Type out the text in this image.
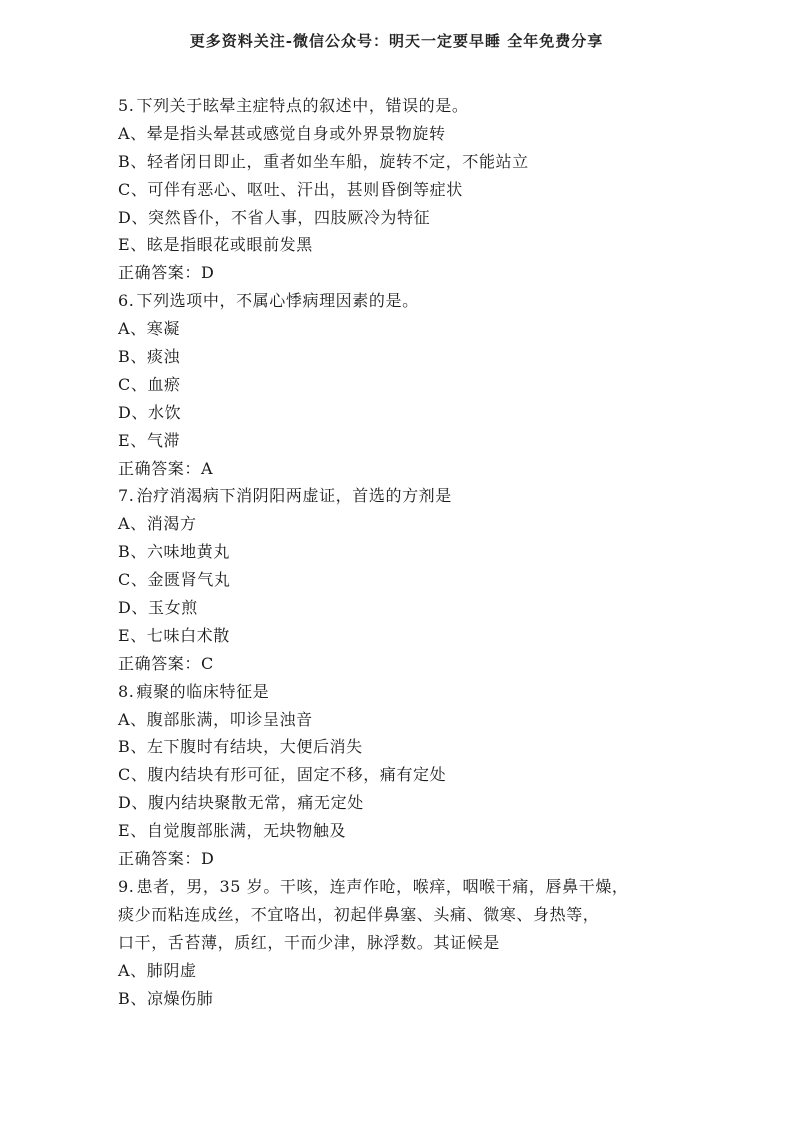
更多资料关注-微信公众号：明天一定要早睡 全年免费分享
5. 下列关于眩晕主症特点的叙述中，错误的是。
A、晕是指头晕甚或感觉自身或外界景物旋转
B、轻者闭日即止，重者如坐车船，旋转不定，不能站立
C、可伴有恶心、呕吐、汗出，甚则昏倒等症状
D、突然昏仆，不省人事，四肢厥冷为特征
E、眩是指眼花或眼前发黑
正确答案：D
6. 下列选项中，不属心悸病理因素的是。
A、寒凝
B、痰浊
C、血瘀
D、水饮
E、气滞
正确答案：A
7. 治疗消渴病下消阴阳两虚证，首选的方剂是
A、消渴方
B、六味地黄丸
C、金匮肾气丸
D、玉女煎
E、七味白术散
正确答案：C
8. 瘕聚的临床特征是
A、腹部胀满，叩诊呈浊音
B、左下腹时有结块，大便后消失
C、腹内结块有形可征，固定不移，痛有定处
D、腹内结块聚散无常，痛无定处
E、自觉腹部胀满，无块物触及
正确答案：D
9. 患者，男，35 岁。干咳，连声作呛，喉痒，咽喉干痛，唇鼻干燥，
痰少而粘连成丝，不宜咯出，初起伴鼻塞、头痛、微寒、身热等，
口干，舌苔薄，质红，干而少津，脉浮数。其证候是
A、肺阴虚
B、凉燥伤肺
